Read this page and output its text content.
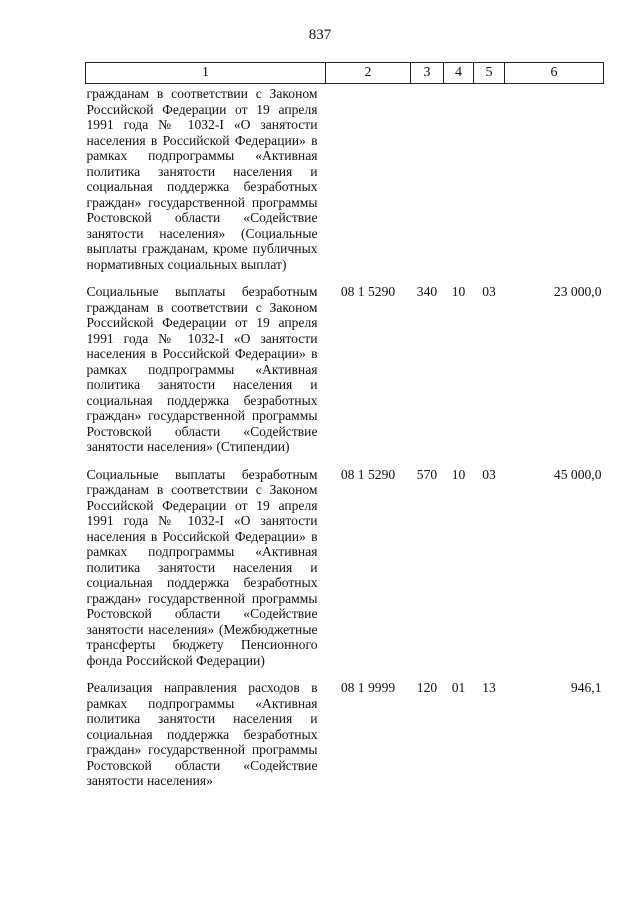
837
1	2	3	4	5	6
гражданам в соответствии с Законом Российской Федерации от 19 апреля 1991 года № 1032-I «О занятости населения в Российской Федерации» в рамках подпрограммы «Активная политика занятости населения и социальная поддержка безработных граждан» государственной программы Ростовской области «Содействие занятости населения» (Социальные выплаты гражданам, кроме публичных нормативных социальных выплат)					
Социальные выплаты безработным гражданам в соответствии с Законом Российской Федерации от 19 апреля 1991 года № 1032-I «О занятости населения в Российской Федерации» в рамках подпрограммы «Активная политика занятости населения и социальная поддержка безработных граждан» государственной программы Ростовской области «Содействие занятости населения» (Стипендии)	08 1 5290	340	10	03	23 000,0
Социальные выплаты безработным гражданам в соответствии с Законом Российской Федерации от 19 апреля 1991 года № 1032-I «О занятости населения в Российской Федерации» в рамках подпрограммы «Активная политика занятости населения и социальная поддержка безработных граждан» государственной программы Ростовской области «Содействие занятости населения» (Межбюджетные трансферты бюджету Пенсионного фонда Российской Федерации)	08 1 5290	570	10	03	45 000,0
Реализация направления расходов в рамках подпрограммы «Активная политика занятости населения и социальная поддержка безработных граждан» государственной программы Ростовской области «Содействие занятости населения»	08 1 9999	120	01	13	946,1
